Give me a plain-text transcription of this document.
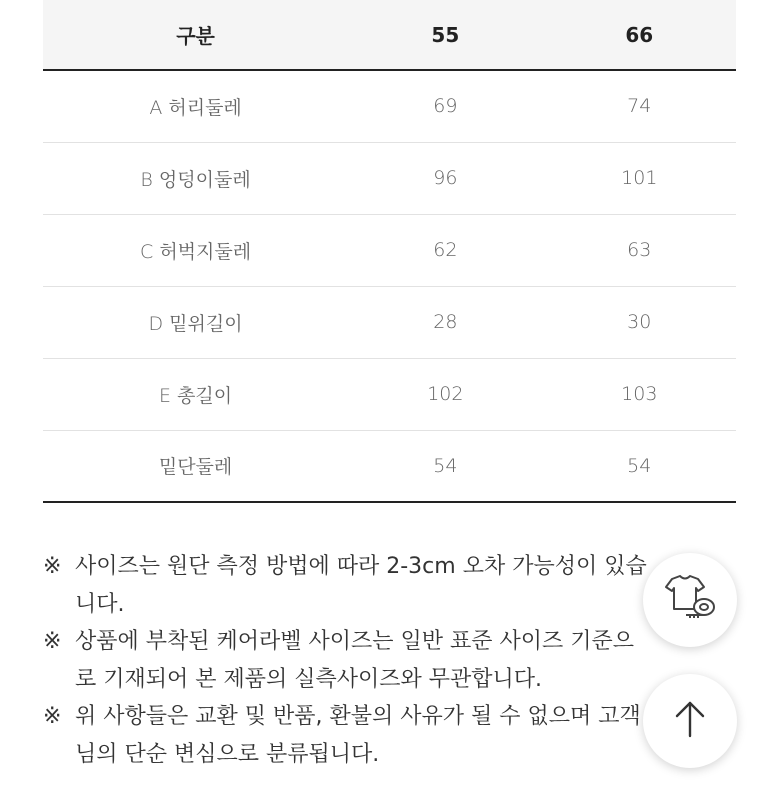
구분	55	66
A 허리둘레	69	74
B 엉덩이둘레	96	101
C 허벅지둘레	62	63
D 밑위길이	28	30
E 총길이	102	103
밑단둘레	54	54
※ 사이즈는 원단 측정 방법에 따라 2-3cm 오차 가능성이 있습
니다.
※ 상품에 부착된 케어라벨 사이즈는 일반 표준 사이즈 기준으
로 기재되어 본 제품의 실측사이즈와 무관합니다.
※ 위 사항들은 교환 및 반품, 환불의 사유가 될 수 없으며 고객
님의 단순 변심으로 분류됩니다.
